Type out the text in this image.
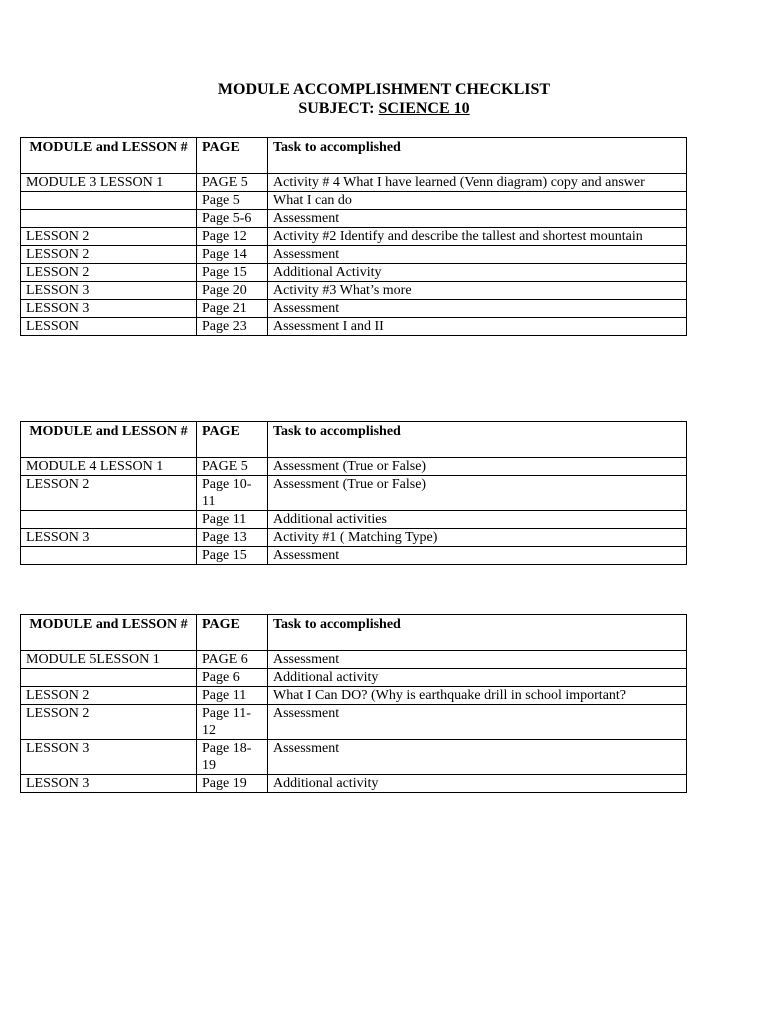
MODULE ACCOMPLISHMENT CHECKLIST
SUBJECT: SCIENCE 10
MODULE and LESSON #	PAGE	Task to accomplished
MODULE 3 LESSON 1	PAGE 5	Activity # 4 What I have learned (Venn diagram) copy and answer
	Page 5	What I can do
	Page 5-6	Assessment
LESSON 2	Page 12	Activity #2 Identify and describe the tallest and shortest mountain
LESSON 2	Page 14	Assessment
LESSON 2	Page 15	Additional Activity
LESSON 3	Page 20	Activity #3 What’s more
LESSON 3	Page 21	Assessment
LESSON	Page 23	Assessment I and II
MODULE and LESSON #	PAGE	Task to accomplished
MODULE 4 LESSON 1	PAGE 5	Assessment (True or False)
LESSON 2	Page 10-11	Assessment (True or False)
	Page 11	Additional activities
LESSON 3	Page 13	Activity #1 ( Matching Type)
	Page 15	Assessment
MODULE and LESSON #	PAGE	Task to accomplished
MODULE 5LESSON 1	PAGE 6	Assessment
	Page 6	Additional activity
LESSON 2	Page 11	What I Can DO? (Why is earthquake drill in school important?
LESSON 2	Page 11-12	Assessment
LESSON 3	Page 18-19	Assessment
LESSON 3	Page 19	Additional activity
